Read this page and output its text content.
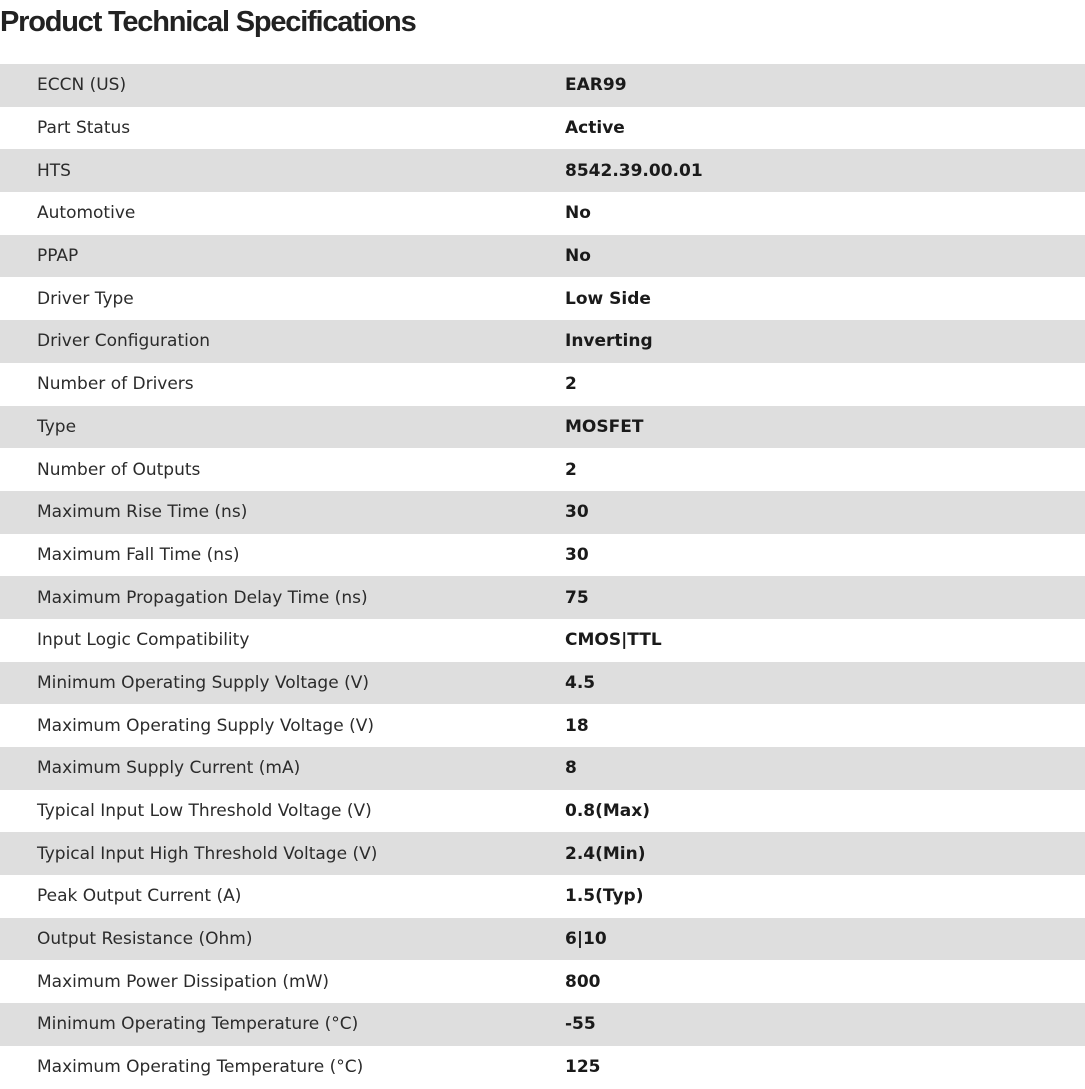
Product Technical Specifications
ECCN (US)	EAR99
Part Status	Active
HTS	8542.39.00.01
Automotive	No
PPAP	No
Driver Type	Low Side
Driver Configuration	Inverting
Number of Drivers	2
Type	MOSFET
Number of Outputs	2
Maximum Rise Time (ns)	30
Maximum Fall Time (ns)	30
Maximum Propagation Delay Time (ns)	75
Input Logic Compatibility	CMOS|TTL
Minimum Operating Supply Voltage (V)	4.5
Maximum Operating Supply Voltage (V)	18
Maximum Supply Current (mA)	8
Typical Input Low Threshold Voltage (V)	0.8(Max)
Typical Input High Threshold Voltage (V)	2.4(Min)
Peak Output Current (A)	1.5(Typ)
Output Resistance (Ohm)	6|10
Maximum Power Dissipation (mW)	800
Minimum Operating Temperature (°C)	-55
Maximum Operating Temperature (°C)	125
